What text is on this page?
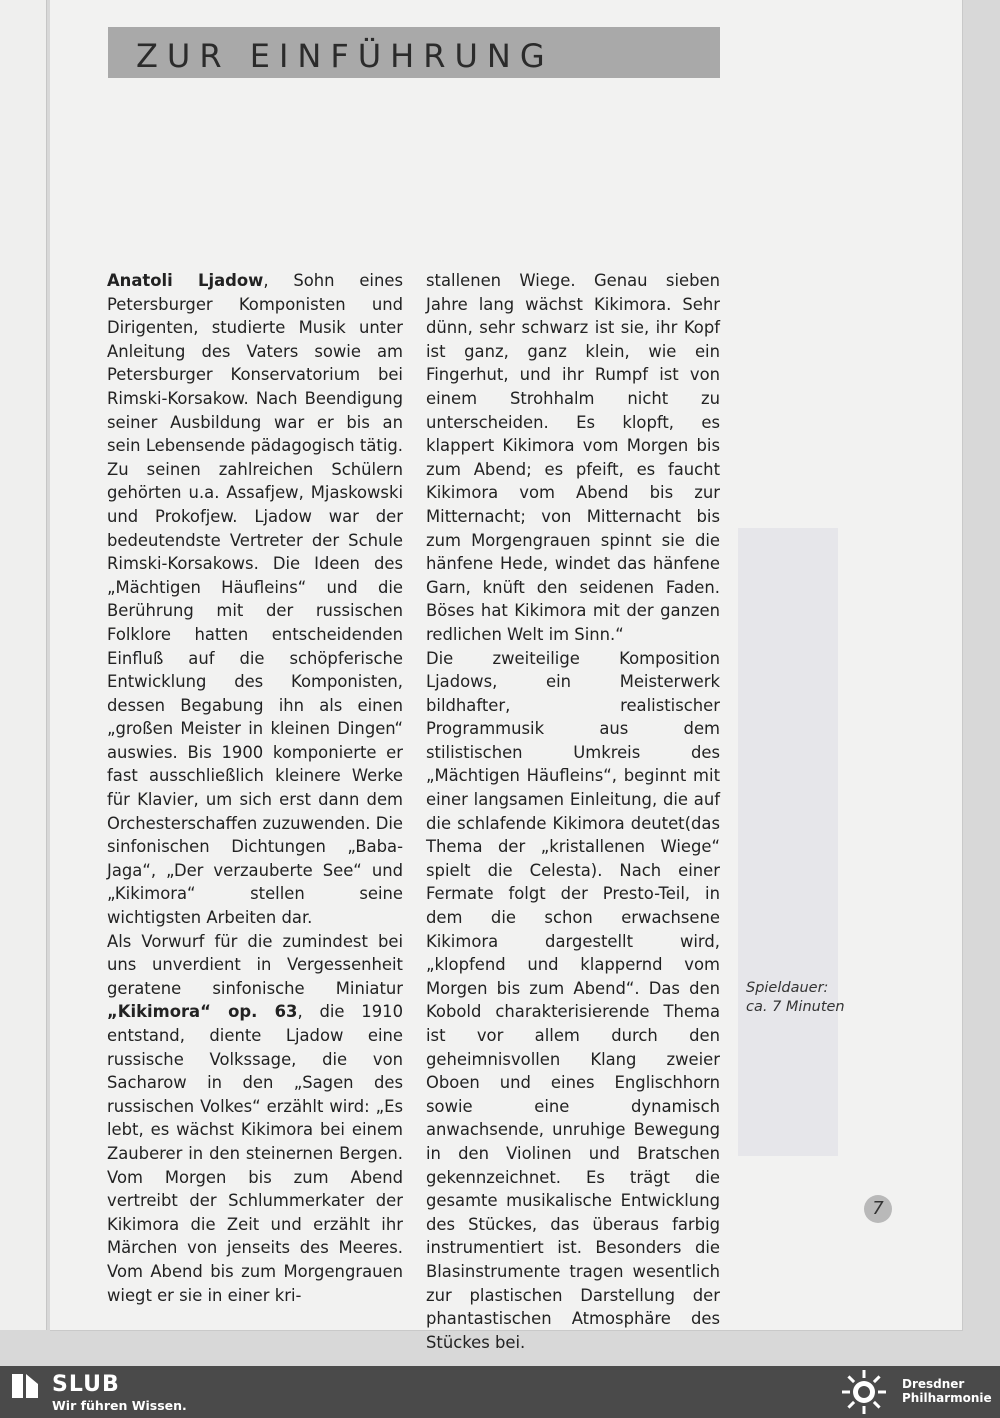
ZUR EINFÜHRUNG

Anatoli Ljadow, Sohn eines Petersburger Komponisten und Dirigenten, studierte Musik unter Anleitung des Vaters sowie am Petersburger Konservatorium bei Rimski-Korsakow. Nach Beendigung seiner Ausbildung war er bis an sein Lebensende pädagogisch tätig. Zu seinen zahlreichen Schülern gehörten u.a. Assafjew, Mjaskowski und Prokofjew. Ljadow war der bedeutendste Vertreter der Schule Rimski-Korsakows. Die Ideen des „Mächtigen Häufleins“ und die Berührung mit der russischen Folklore hatten entscheidenden Einfluß auf die schöpferische Entwicklung des Komponisten, dessen Begabung ihn als einen „großen Meister in kleinen Dingen“ auswies. Bis 1900 komponierte er fast ausschließlich kleinere Werke für Klavier, um sich erst dann dem Orchesterschaffen zuzuwenden. Die sinfonischen Dichtungen „Baba-Jaga“, „Der verzauberte See“ und „Kikimora“ stellen seine wichtigsten Arbeiten dar.

Als Vorwurf für die zumindest bei uns unverdient in Vergessenheit geratene sinfonische Miniatur „Kikimora“ op. 63, die 1910 entstand, diente Ljadow eine russische Volkssage, die von Sacharow in den „Sagen des russischen Volkes“ erzählt wird: „Es lebt, es wächst Kikimora bei einem Zauberer in den steinernen Bergen. Vom Morgen bis zum Abend vertreibt der Schlummerkater der Kikimora die Zeit und erzählt ihr Märchen von jenseits des Meeres. Vom Abend bis zum Morgengrauen wiegt er sie in einer kri-

stallenen Wiege. Genau sieben Jahre lang wächst Kikimora. Sehr dünn, sehr schwarz ist sie, ihr Kopf ist ganz, ganz klein, wie ein Fingerhut, und ihr Rumpf ist von einem Strohhalm nicht zu unterscheiden. Es klopft, es klappert Kikimora vom Morgen bis zum Abend; es pfeift, es faucht Kikimora vom Abend bis zur Mitternacht; von Mitternacht bis zum Morgengrauen spinnt sie die hänfene Hede, windet das hänfene Garn, knüft den seidenen Faden. Böses hat Kikimora mit der ganzen redlichen Welt im Sinn.“

Die zweiteilige Komposition Ljadows, ein Meisterwerk bildhafter, realistischer Programmusik aus dem stilistischen Umkreis des „Mächtigen Häufleins“, beginnt mit einer langsamen Einleitung, die auf die schlafende Kikimora deutet(das Thema der „kristallenen Wiege“ spielt die Celesta). Nach einer Fermate folgt der Presto-Teil, in dem die schon erwachsene Kikimora dargestellt wird, „klopfend und klappernd vom Morgen bis zum Abend“. Das den Kobold charakterisierende Thema ist vor allem durch den geheimnisvollen Klang zweier Oboen und eines Englischhorn sowie eine dynamisch anwachsende, unruhige Bewegung in den Violinen und Bratschen gekennzeichnet. Es trägt die gesamte musikalische Entwicklung des Stückes, das überaus farbig instrumentiert ist. Besonders die Blasinstrumente tragen wesentlich zur plastischen Darstellung der phantastischen Atmosphäre des Stückes bei.

Spieldauer:
ca. 7 Minuten
7
SLUB
Wir führen Wissen.
Dresdner
Philharmonie
